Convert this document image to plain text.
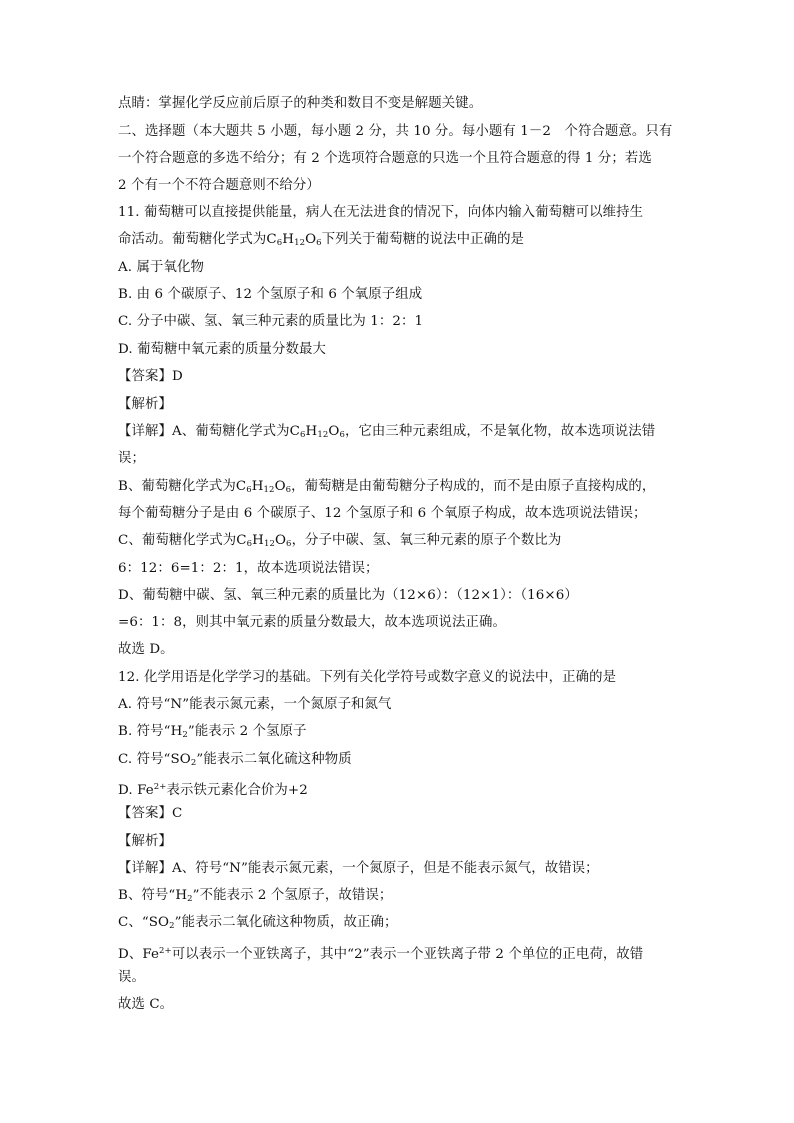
点睛：掌握化学反应前后原子的种类和数目不变是解题关键。
二、选择题（本大题共 5 小题，每小题 2 分，共 10 分。每小题有 1－2　个符合题意。只有
一个符合题意的多选不给分；有 2 个选项符合题意的只选一个且符合题意的得 1 分；若选
2 个有一个不符合题意则不给分）
11. 葡萄糖可以直接提供能量，病人在无法进食的情况下，向体内输入葡萄糖可以维持生
命活动。葡萄糖化学式为$C_6H_{12}O_6$下列关于葡萄糖的说法中正确的是
A. 属于氧化物
B. 由 6 个碳原子、12 个氢原子和 6 个氧原子组成
C. 分子中碳、氢、氧三种元素的质量比为 1：2：1
D. 葡萄糖中氧元素的质量分数最大
【答案】D
【解析】
【详解】A、葡萄糖化学式为$C_6H_{12}O_6$，它由三种元素组成，不是氧化物，故本选项说法错
误；
B、葡萄糖化学式为$C_6H_{12}O_6$，葡萄糖是由葡萄糖分子构成的，而不是由原子直接构成的，
每个葡萄糖分子是由 6 个碳原子、12 个氢原子和 6 个氧原子构成，故本选项说法错误；
C、葡萄糖化学式为$C_6H_{12}O_6$，分子中碳、氢、氧三种元素的原子个数比为
6：12：6=1：2：1，故本选项说法错误；
D、葡萄糖中碳、氢、氧三种元素的质量比为（12×6）：（12×1）：（16×6）
=6：1：8，则其中氧元素的质量分数最大，故本选项说法正确。
故选 D。
12. 化学用语是化学学习的基础。下列有关化学符号或数字意义的说法中，正确的是
A. 符号“N”能表示氮元素，一个氮原子和氮气
B. 符号“$H_2$”能表示 2 个氢原子
C. 符号“$SO_2$”能表示二氧化硫这种物质
D. $Fe^{2+}$表示铁元素化合价为+2
【答案】C
【解析】
【详解】A、符号“N”能表示氮元素，一个氮原子，但是不能表示氮气，故错误；
B、符号“$H_2$”不能表示 2 个氢原子，故错误；
C、“$SO_2$”能表示二氧化硫这种物质，故正确；
D、$Fe^{2+}$可以表示一个亚铁离子，其中“2”表示一个亚铁离子带 2 个单位的正电荷，故错
误。
故选 C。
